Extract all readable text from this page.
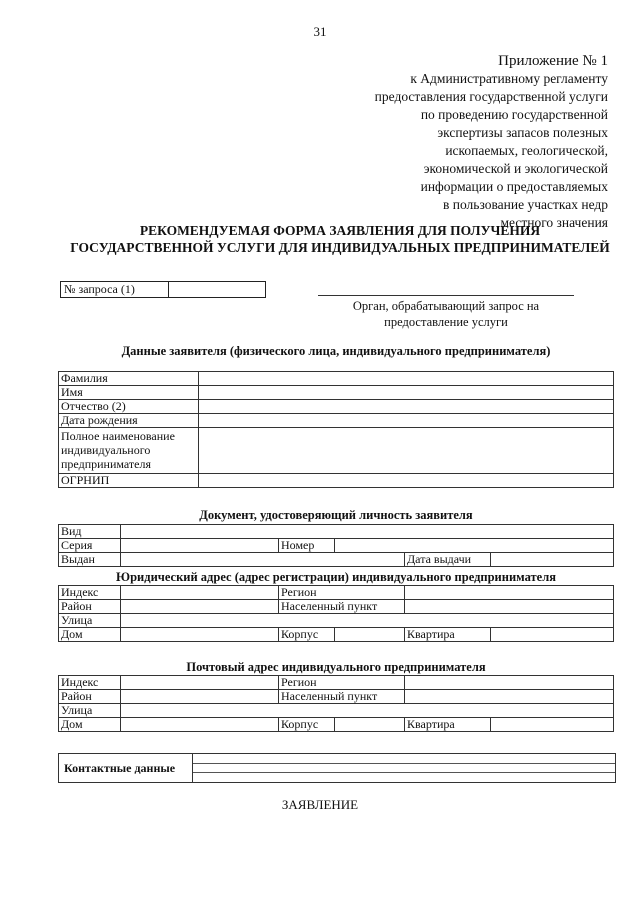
31
Приложение № 1
к Административному регламенту
предоставления государственной услуги
по проведению государственной
экспертизы запасов полезных
ископаемых, геологической,
экономической и экологической
информации о предоставляемых
в пользование участках недр
местного значения
РЕКОМЕНДУЕМАЯ ФОРМА ЗАЯВЛЕНИЯ ДЛЯ ПОЛУЧЕНИЯ
ГОСУДАРСТВЕННОЙ УСЛУГИ ДЛЯ ИНДИВИДУАЛЬНЫХ ПРЕДПРИНИМАТЕЛЕЙ
№ запроса (1)
Орган, обрабатывающий запрос на
предоставление услуги
Данные заявителя (физического лица, индивидуального предпринимателя)
Фамилия	
Имя	
Отчество (2)	
Дата рождения	

Полное наименование
индивидуального
предпринимателя	

ОГРНИП	
Документ, удостоверяющий личность заявителя
Вид					
Серия		Номер			
Выдан				Дата выдачи	
Юридический адрес (адрес регистрации) индивидуального предпринимателя
Индекс		Регион			
Район		Населенный пункт			
Улица					
Дом		Корпус		Квартира	
Почтовый адрес индивидуального предпринимателя
Индекс		Регион			
Район		Населенный пункт			
Улица					
Дом		Корпус		Квартира	
Контактные данные
ЗАЯВЛЕНИЕ
